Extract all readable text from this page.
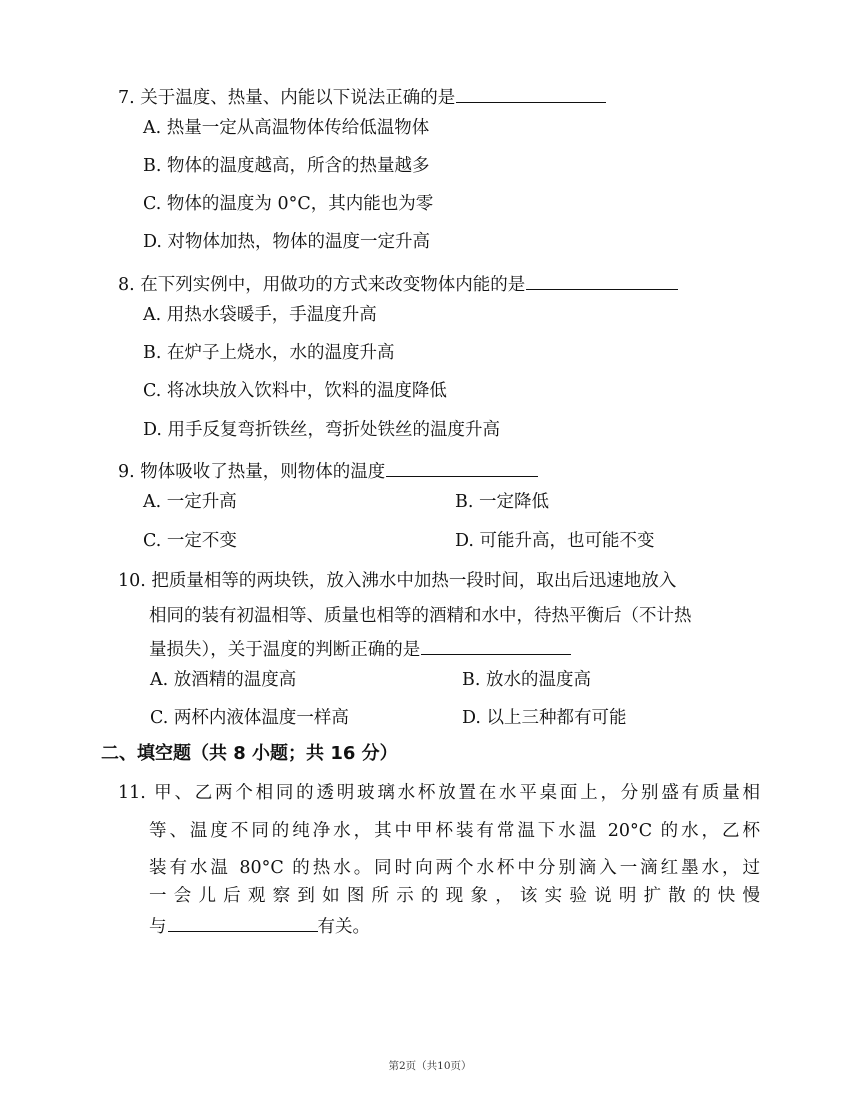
7. 关于温度、热量、内能以下说法正确的是
A. 热量一定从高温物体传给低温物体
B. 物体的温度越高，所含的热量越多
C. 物体的温度为 0°C，其内能也为零
D. 对物体加热，物体的温度一定升高
8. 在下列实例中，用做功的方式来改变物体内能的是
A. 用热水袋暖手，手温度升高
B. 在炉子上烧水，水的温度升高
C. 将冰块放入饮料中，饮料的温度降低
D. 用手反复弯折铁丝，弯折处铁丝的温度升高
9. 物体吸收了热量，则物体的温度
A. 一定升高	B. 一定降低
C. 一定不变	D. 可能升高，也可能不变
10. 把质量相等的两块铁，放入沸水中加热一段时间，取出后迅速地放入
相同的装有初温相等、质量也相等的酒精和水中，待热平衡后（不计热
量损失），关于温度的判断正确的是
A. 放酒精的温度高	B. 放水的温度高
C. 两杯内液体温度一样高	D. 以上三种都有可能
二、填空题（共 8 小题；共 16 分）
11. 甲、乙两个相同的透明玻璃水杯放置在水平桌面上，分别盛有质量相
等、温度不同的纯净水，其中甲杯装有常温下水温 20°C 的水，乙杯
装有水温 80°C 的热水。同时向两个水杯中分别滴入一滴红墨水，过
一会儿后观察到如图所示的现象，该实验说明扩散的快慢
与	有关。
第2页（共10页）
